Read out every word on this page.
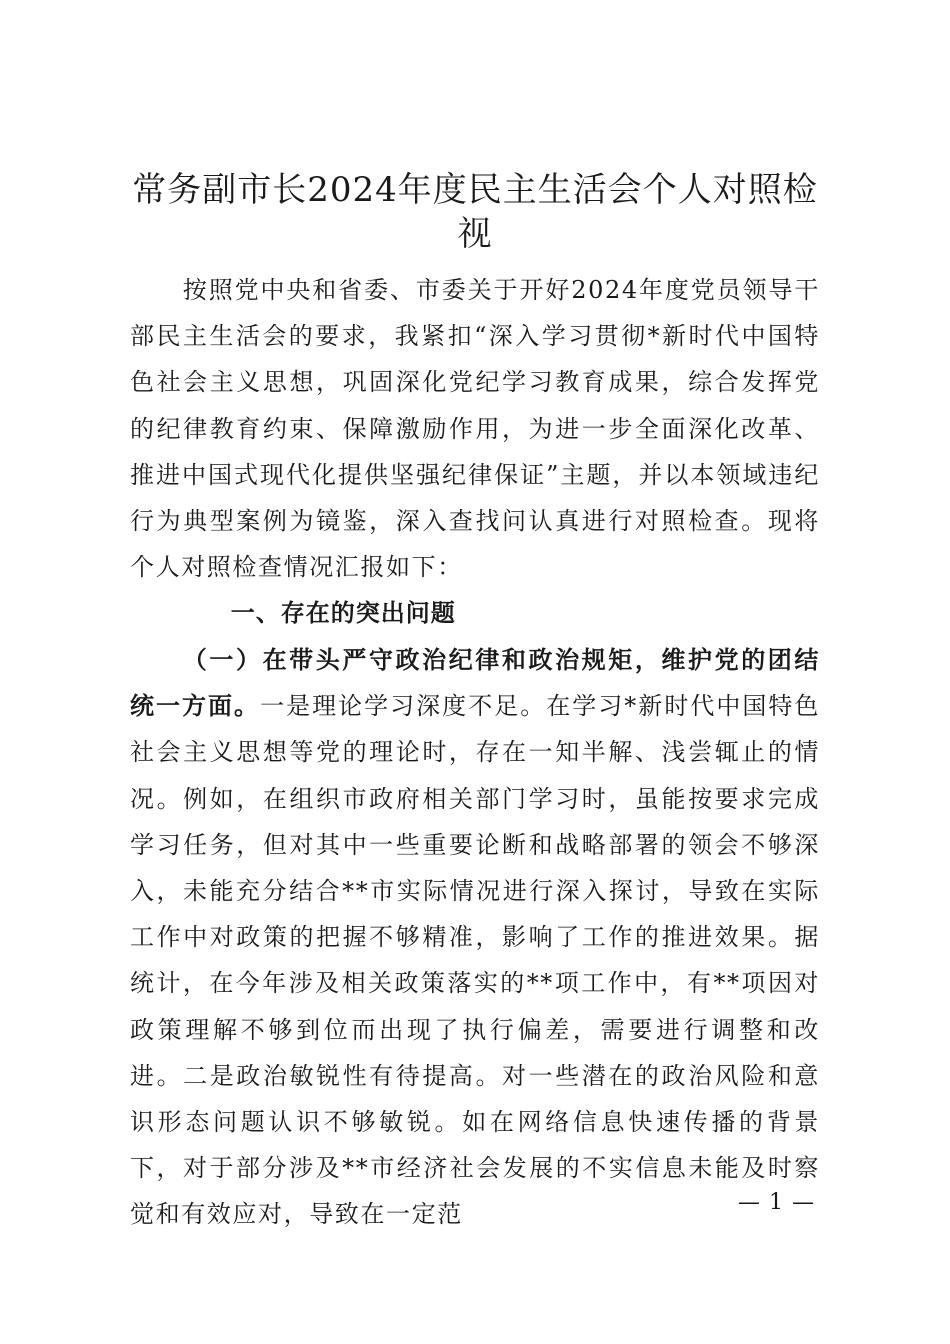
常务副市长2024年度民主生活会个人对照检视

按照党中央和省委、市委关于开好2024年度党员领导干部民主生活会的要求，我紧扣“深入学习贯彻*新时代中国特色社会主义思想，巩固深化党纪学习教育成果，综合发挥党的纪律教育约束、保障激励作用，为进一步全面深化改革、推进中国式现代化提供坚强纪律保证”主题，并以本领域违纪行为典型案例为镜鉴，深入查找问认真进行对照检查。现将个人对照检查情况汇报如下：

一、存在的突出问题

（一）在带头严守政治纪律和政治规矩，维护党的团结统一方面。一是理论学习深度不足。在学习*新时代中国特色社会主义思想等党的理论时，存在一知半解、浅尝辄止的情况。例如，在组织市政府相关部门学习时，虽能按要求完成学习任务，但对其中一些重要论断和战略部署的领会不够深入，未能充分结合**市实际情况进行深入探讨，导致在实际工作中对政策的把握不够精准，影响了工作的推进效果。据统计，在今年涉及相关政策落实的**项工作中，有**项因对政策理解不够到位而出现了执行偏差，需要进行调整和改进。二是政治敏锐性有待提高。对一些潜在的政治风险和意识形态问题认识不够敏锐。如在网络信息快速传播的背景下，对于部分涉及**市经济社会发展的不实信息未能及时察觉和有效应对，导致在一定范	— 1 —
